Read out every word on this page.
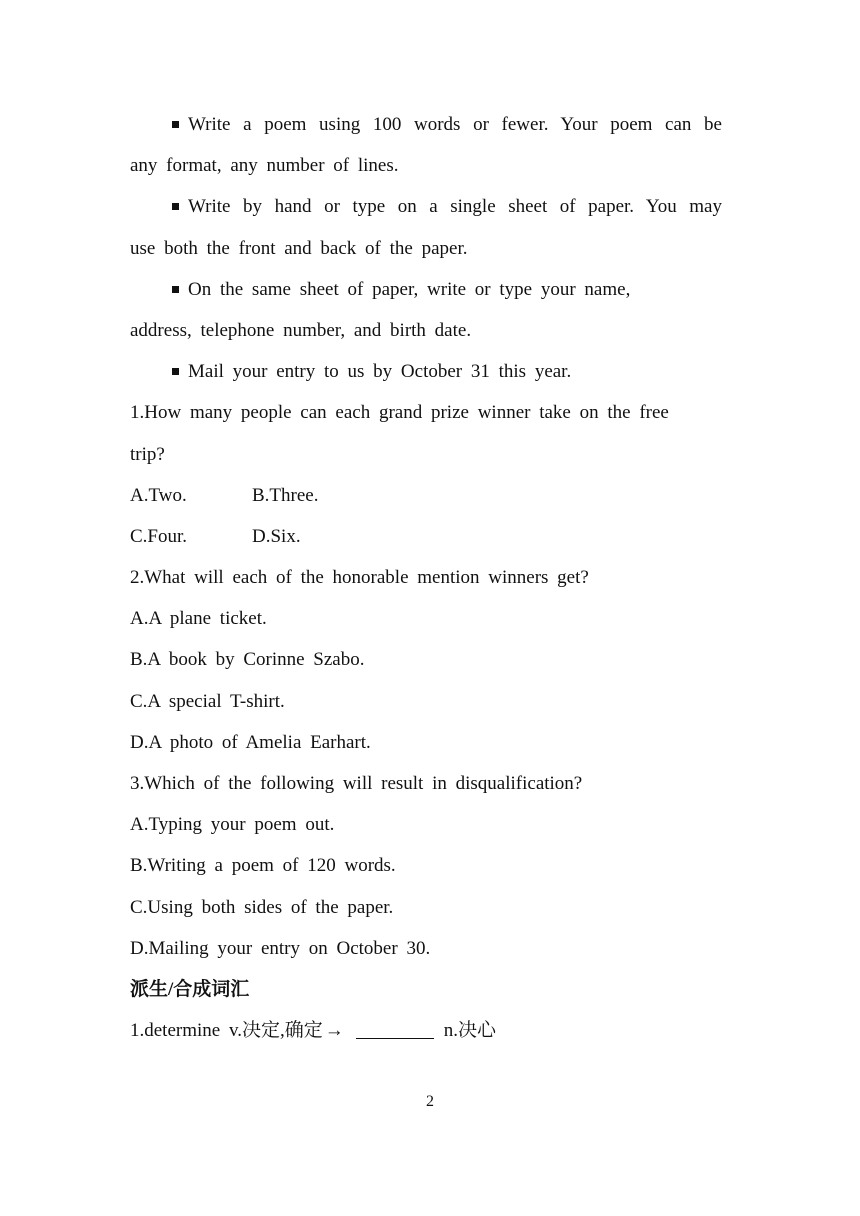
Write a poem using 100 words or fewer. Your poem can be
any format, any number of lines.
Write by hand or type on a single sheet of paper. You may
use both the front and back of the paper.
On the same sheet of paper, write or type your name,
address, telephone number, and birth date.
Mail your entry to us by October 31 this year.
1.How many people can each grand prize winner take on the free
trip?
A.Two.	B.Three.
C.Four.	D.Six.
2.What will each of the honorable mention winners get?
A.A plane ticket.
B.A book by Corinne Szabo.
C.A special T-shirt.
D.A photo of Amelia Earhart.
3.Which of the following will result in disqualification?
A.Typing your poem out.
B.Writing a poem of 120 words.
C.Using both sides of the paper.
D.Mailing your entry on October 30.
派生/合成词汇
1.determine v.决定,确定 →	n.决心
2
